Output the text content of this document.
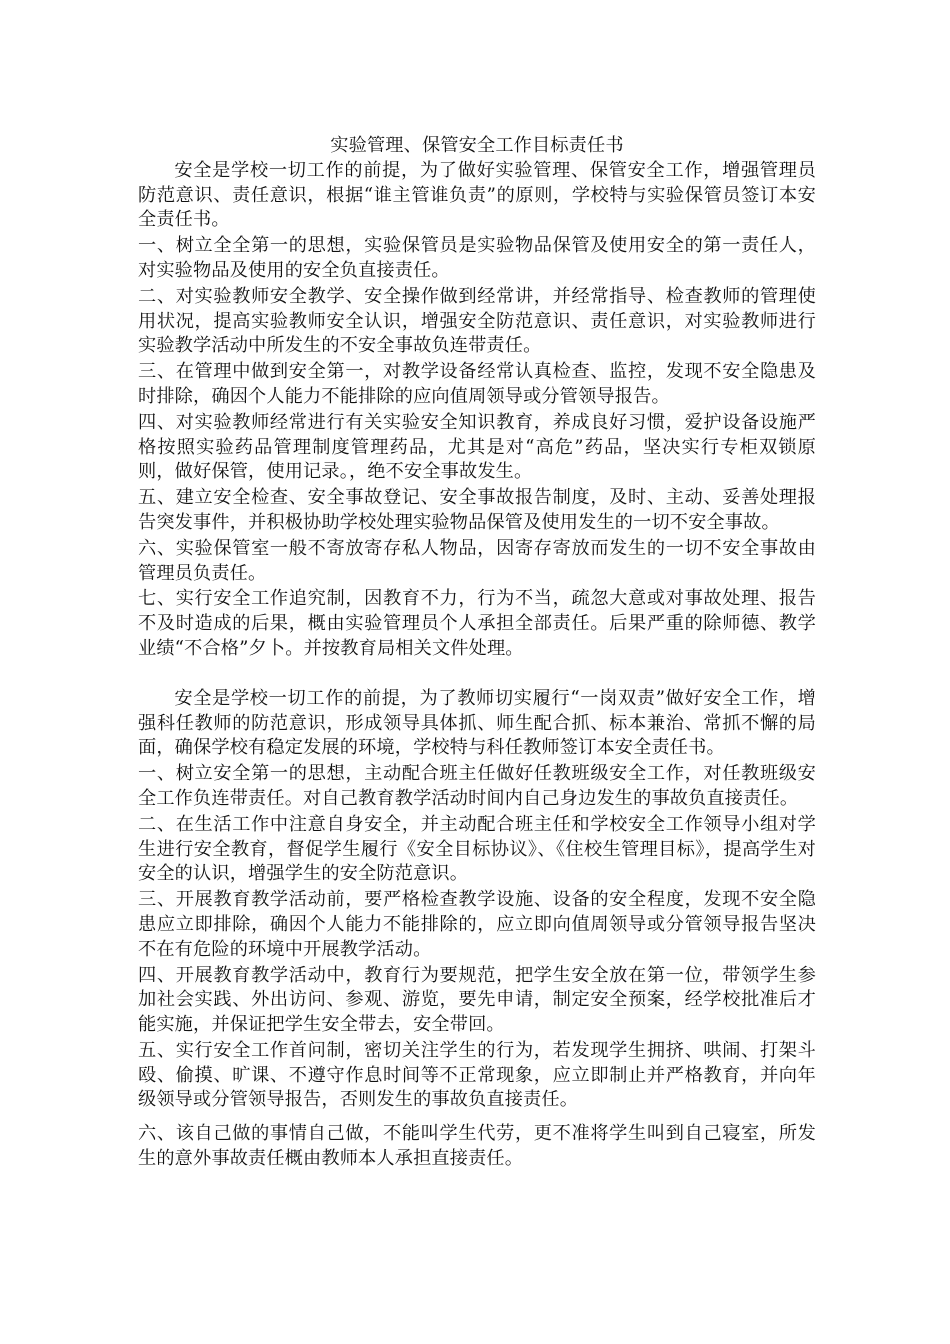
实验管理、保管安全工作目标责任书
安全是学校一切工作的前提，为了做好实验管理、保管安全工作，增强管理员防范意识、责任意识，根据“谁主管谁负责”的原则，学校特与实验保管员签订本安全责任书。
一、树立全全第一的思想，实验保管员是实验物品保管及使用安全的第一责任人，对实验物品及使用的安全负直接责任。
二、对实验教师安全教学、安全操作做到经常讲，并经常指导、检查教师的管理使用状况，提高实验教师安全认识，增强安全防范意识、责任意识，对实验教师进行实验教学活动中所发生的不安全事故负连带责任。
三、在管理中做到安全第一，对教学设备经常认真检查、监控，发现不安全隐患及时排除，确因个人能力不能排除的应向值周领导或分管领导报告。
四、对实验教师经常进行有关实验安全知识教育，养成良好习惯，爱护设备设施严格按照实验药品管理制度管理药品，尤其是对“高危”药品，坚决实行专柜双锁原则，做好保管，使用记录。，绝不安全事故发生。
五、建立安全检查、安全事故登记、安全事故报告制度，及时、主动、妥善处理报告突发事件，并积极协助学校处理实验物品保管及使用发生的一切不安全事故。
六、实验保管室一般不寄放寄存私人物品，因寄存寄放而发生的一切不安全事故由管理员负责任。
七、实行安全工作追究制，因教育不力，行为不当，疏忽大意或对事故处理、报告不及时造成的后果，概由实验管理员个人承担全部责任。后果严重的除师德、教学业绩“不合格”夕卜。并按教育局相关文件处理。
安全是学校一切工作的前提，为了教师切实履行“一岗双责”做好安全工作，增强科任教师的防范意识，形成领导具体抓、师生配合抓、标本兼治、常抓不懈的局面，确保学校有稳定发展的环境，学校特与科任教师签订本安全责任书。
一、树立安全第一的思想，主动配合班主任做好任教班级安全工作，对任教班级安全工作负连带责任。对自己教育教学活动时间内自己身边发生的事故负直接责任。
二、在生活工作中注意自身安全，并主动配合班主任和学校安全工作领导小组对学生进行安全教育，督促学生履行《安全目标协议》、《住校生管理目标》，提高学生对安全的认识，增强学生的安全防范意识。
三、开展教育教学活动前，要严格检查教学设施、设备的安全程度，发现不安全隐患应立即排除，确因个人能力不能排除的，应立即向值周领导或分管领导报告坚决不在有危险的环境中开展教学活动。
四、开展教育教学活动中，教育行为要规范，把学生安全放在第一位，带领学生参加社会实践、外出访问、参观、游览，要先申请，制定安全预案，经学校批准后才能实施，并保证把学生安全带去，安全带回。
五、实行安全工作首问制，密切关注学生的行为，若发现学生拥挤、哄闹、打架斗殴、偷摸、旷课、不遵守作息时间等不正常现象，应立即制止并严格教育，并向年级领导或分管领导报告，否则发生的事故负直接责任。
六、该自己做的事情自己做，不能叫学生代劳，更不准将学生叫到自己寝室，所发生的意外事故责任概由教师本人承担直接责任。
